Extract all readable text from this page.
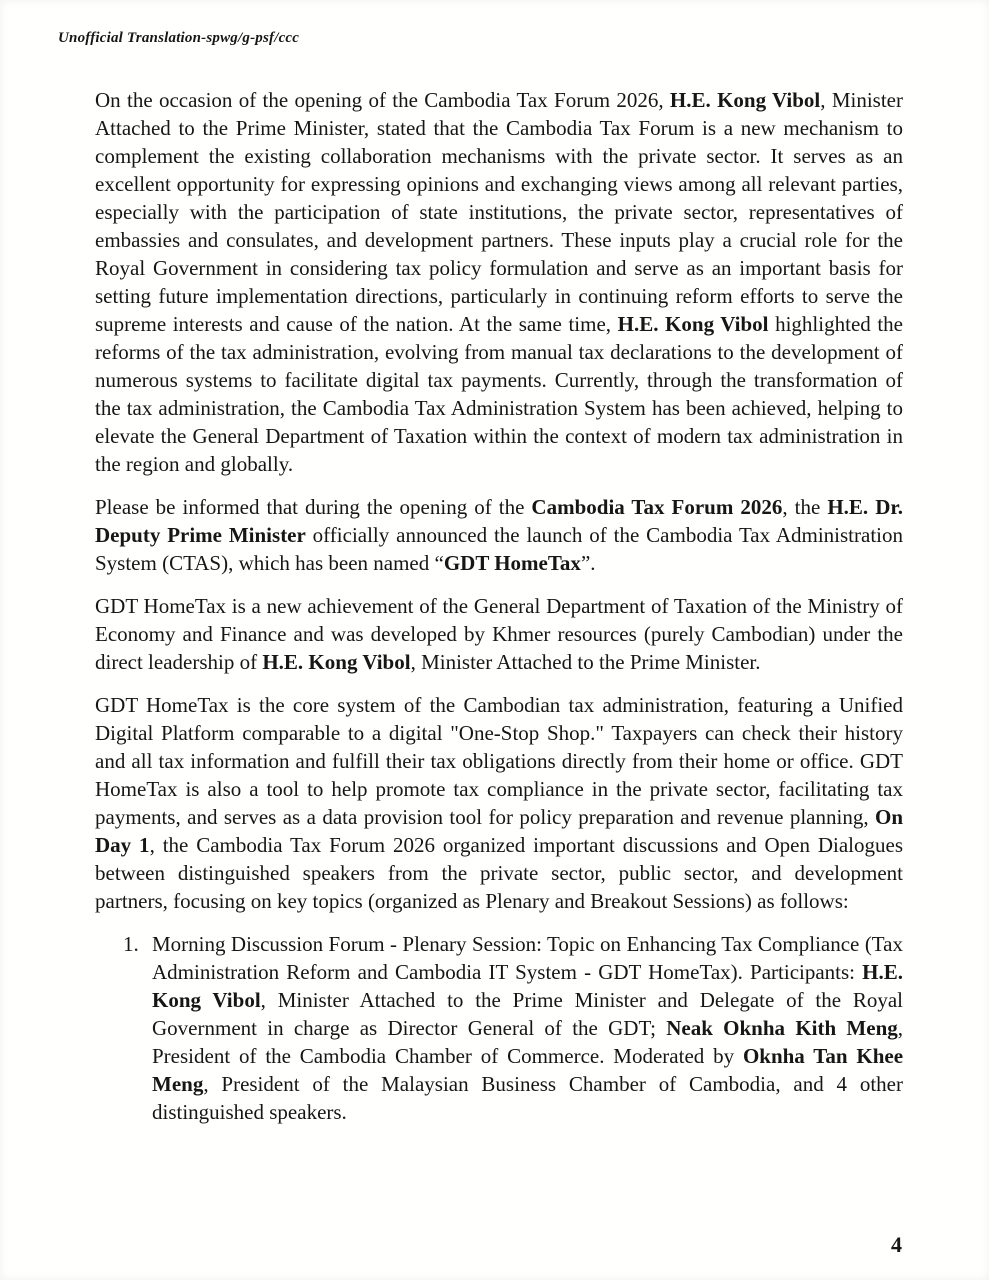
Unofficial Translation-spwg/g-psf/ccc

On the occasion of the opening of the Cambodia Tax Forum 2026, H.E. Kong Vibol, Minister Attached to the Prime Minister, stated that the Cambodia Tax Forum is a new mechanism to complement the existing collaboration mechanisms with the private sector. It serves as an excellent opportunity for expressing opinions and exchanging views among all relevant parties, especially with the participation of state institutions, the private sector, representatives of embassies and consulates, and development partners. These inputs play a crucial role for the Royal Government in considering tax policy formulation and serve as an important basis for setting future implementation directions, particularly in continuing reform efforts to serve the supreme interests and cause of the nation. At the same time, H.E. Kong Vibol highlighted the reforms of the tax administration, evolving from manual tax declarations to the development of numerous systems to facilitate digital tax payments. Currently, through the transformation of the tax administration, the Cambodia Tax Administration System has been achieved, helping to elevate the General Department of Taxation within the context of modern tax administration in the region and globally.

Please be informed that during the opening of the Cambodia Tax Forum 2026, the H.E. Dr. Deputy Prime Minister officially announced the launch of the Cambodia Tax Administration System (CTAS), which has been named “GDT HomeTax”.

GDT HomeTax is a new achievement of the General Department of Taxation of the Ministry of Economy and Finance and was developed by Khmer resources (purely Cambodian) under the direct leadership of H.E. Kong Vibol, Minister Attached to the Prime Minister.

GDT HomeTax is the core system of the Cambodian tax administration, featuring a Unified Digital Platform comparable to a digital "One-Stop Shop." Taxpayers can check their history and all tax information and fulfill their tax obligations directly from their home or office. GDT HomeTax is also a tool to help promote tax compliance in the private sector, facilitating tax payments, and serves as a data provision tool for policy preparation and revenue planning, On Day 1, the Cambodia Tax Forum 2026 organized important discussions and Open Dialogues between distinguished speakers from the private sector, public sector, and development partners, focusing on key topics (organized as Plenary and Breakout Sessions) as follows:

1. Morning Discussion Forum - Plenary Session: Topic on Enhancing Tax Compliance (Tax Administration Reform and Cambodia IT System - GDT HomeTax). Participants: H.E. Kong Vibol, Minister Attached to the Prime Minister and Delegate of the Royal Government in charge as Director General of the GDT; Neak Oknha Kith Meng, President of the Cambodia Chamber of Commerce. Moderated by Oknha Tan Khee Meng, President of the Malaysian Business Chamber of Cambodia, and 4 other distinguished speakers.
4
